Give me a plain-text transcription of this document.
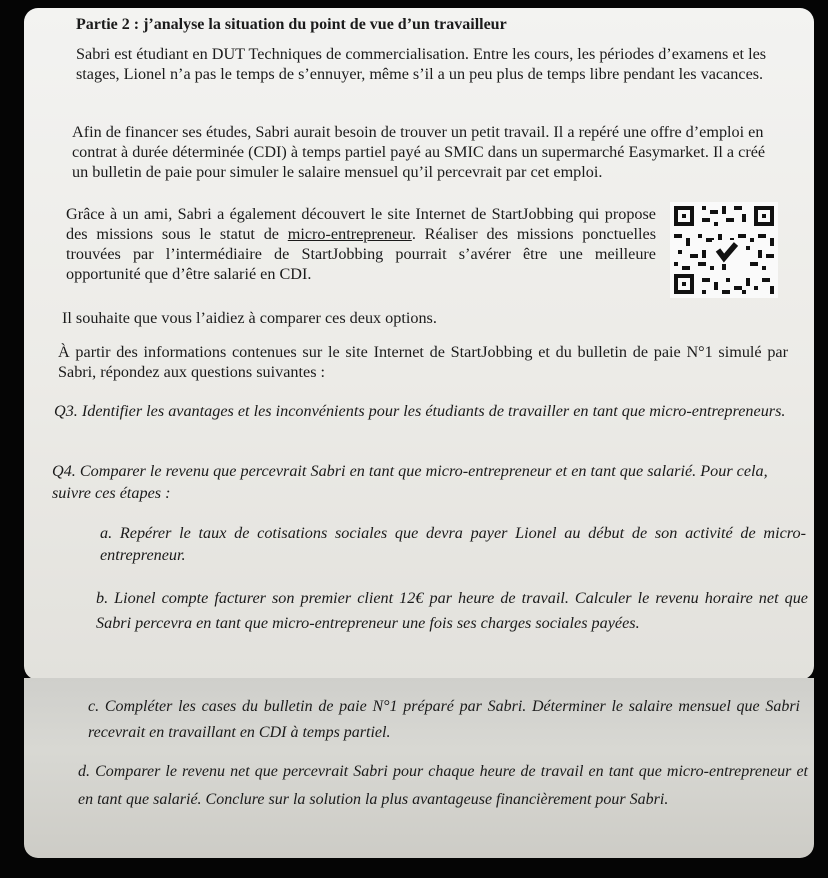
Partie 2 : j’analyse la situation du point de vue d’un travailleur

Sabri est étudiant en DUT Techniques de commercialisation. Entre les cours, les périodes d’examens et les stages, Lionel n’a pas le temps de s’ennuyer, même s’il a un peu plus de temps libre pendant les vacances.

Afin de financer ses études, Sabri aurait besoin de trouver un petit travail. Il a repéré une offre d’emploi en contrat à durée déterminée (CDI) à temps partiel payé au SMIC dans un supermarché Easymarket. Il a créé un bulletin de paie pour simuler le salaire mensuel qu’il percevrait par cet emploi.

Grâce à un ami, Sabri a également découvert le site Internet de StartJobbing qui propose des missions sous le statut de micro-entrepreneur. Réaliser des missions ponctuelles trouvées par l’intermédiaire de StartJobbing pourrait s’avérer être une meilleure opportunité que d’être salarié en CDI.

Il souhaite que vous l’aidiez à comparer ces deux options.

À partir des informations contenues sur le site Internet de StartJobbing et du bulletin de paie N°1 simulé par Sabri, répondez aux questions suivantes :

Q3. Identifier les avantages et les inconvénients pour les étudiants de travailler en tant que micro-entrepreneurs.

Q4. Comparer le revenu que percevrait Sabri en tant que micro-entrepreneur et en tant que salarié. Pour cela, suivre ces étapes :

a. Repérer le taux de cotisations sociales que devra payer Lionel au début de son activité de micro-entrepreneur.

b. Lionel compte facturer son premier client 12€ par heure de travail. Calculer le revenu horaire net que Sabri percevra en tant que micro-entrepreneur une fois ses charges sociales payées.

c. Compléter les cases du bulletin de paie N°1 préparé par Sabri. Déterminer le salaire mensuel que Sabri recevrait en travaillant en CDI à temps partiel.

d. Comparer le revenu net que percevrait Sabri pour chaque heure de travail en tant que micro-entrepreneur et en tant que salarié. Conclure sur la solution la plus avantageuse financièrement pour Sabri.
